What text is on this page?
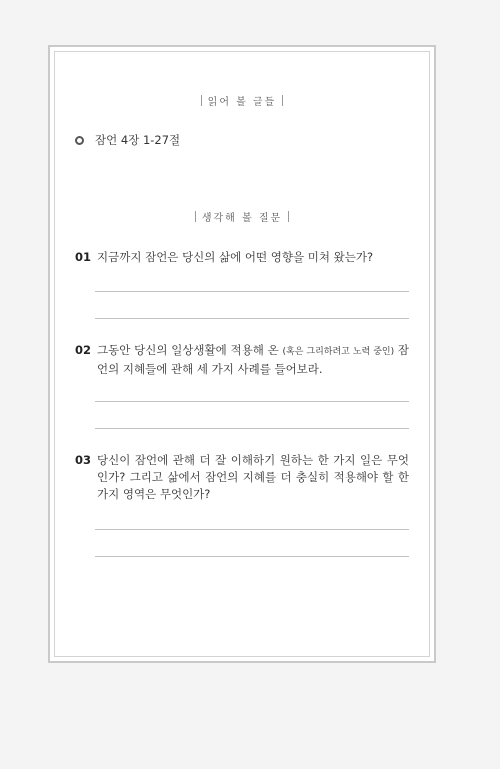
읽어 볼 글들
잠언 4장 1-27절
생각해 볼 질문
01 지금까지 잠언은 당신의 삶에 어떤 영향을 미쳐 왔는가?
02 그동안 당신의 일상생활에 적용해 온 (혹은 그리하려고 노력 중인) 잠언의 지혜들에 관해 세 가지 사례를 들어보라.
03 당신이 잠언에 관해 더 잘 이해하기 원하는 한 가지 일은 무엇인가? 그리고 삶에서 잠언의 지혜를 더 충실히 적용해야 할 한 가지 영역은 무엇인가?
